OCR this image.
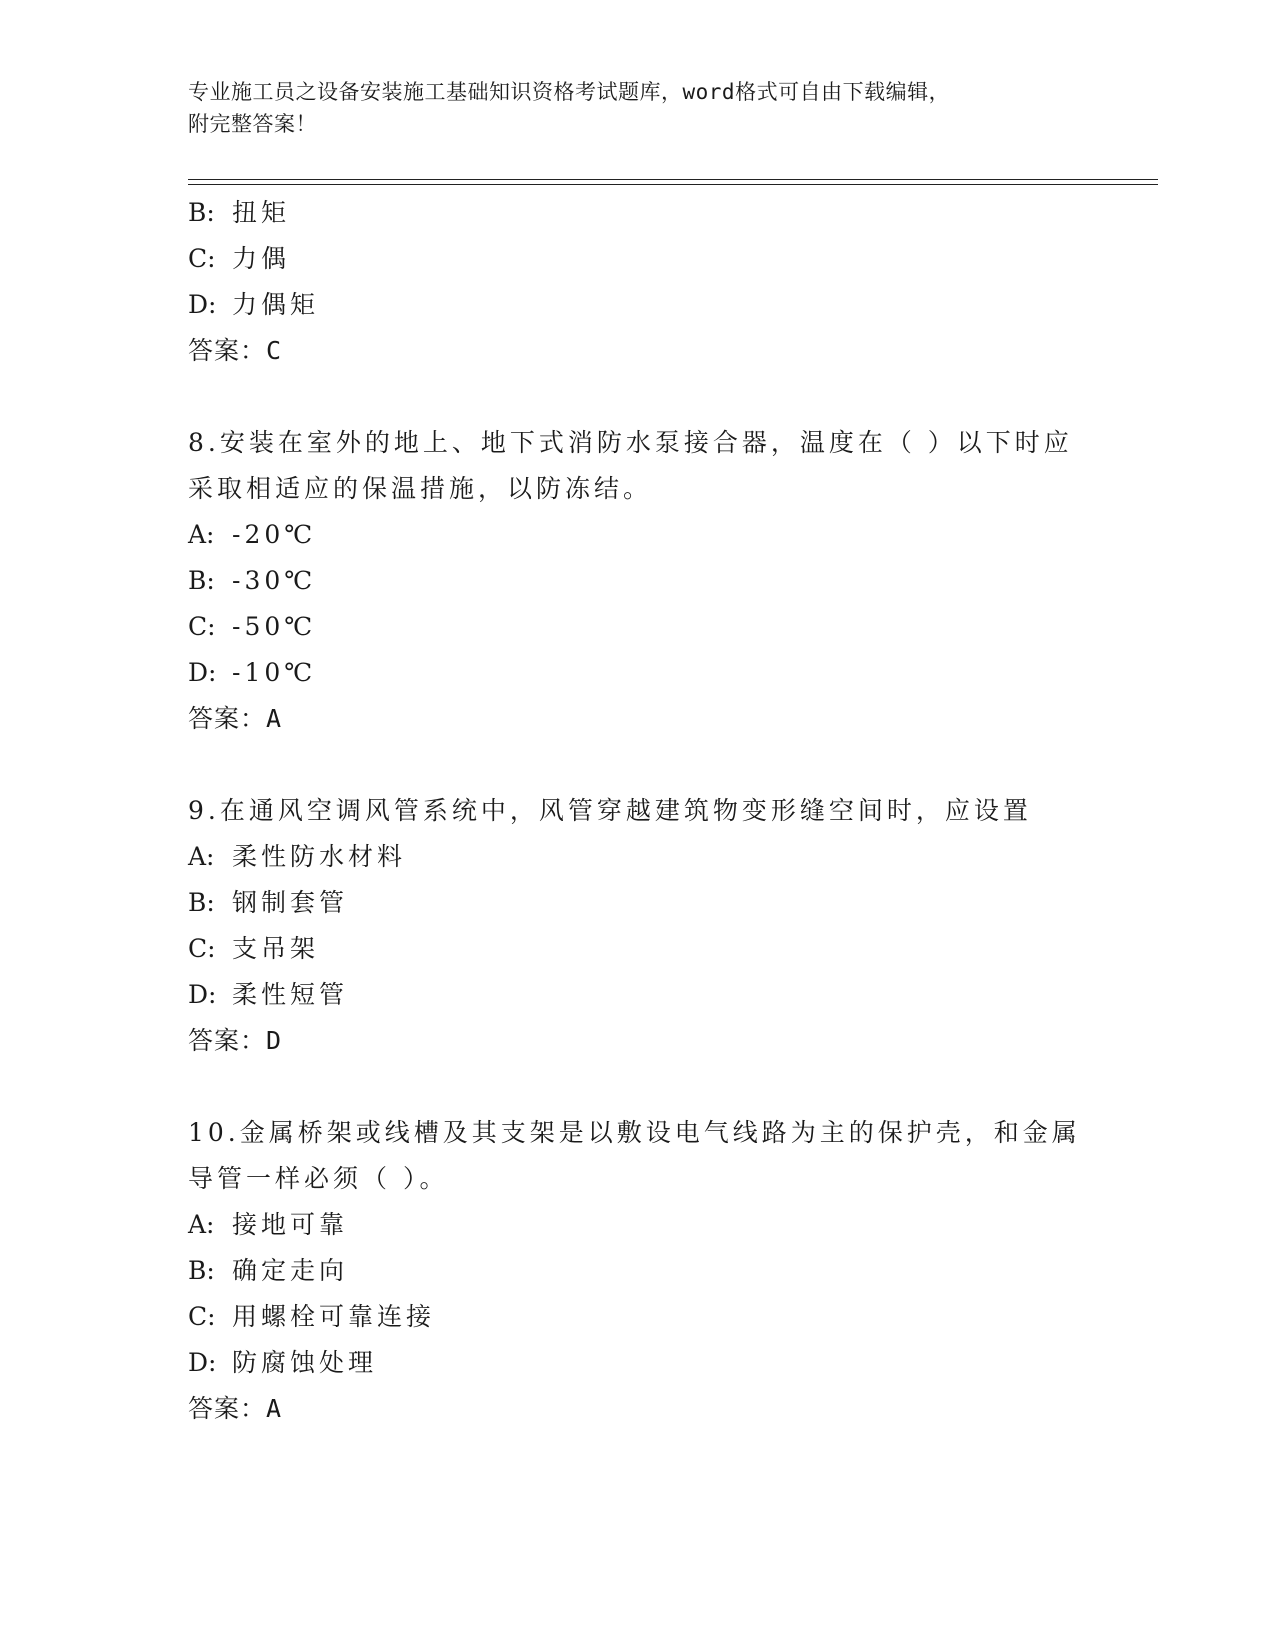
专业施工员之设备安装施工基础知识资格考试题库，word格式可自由下载编辑，
附完整答案！
B: 扭矩
C: 力偶
D: 力偶矩
答案：C
8.安装在室外的地上、地下式消防水泵接合器，温度在（ ）以下时应
采取相适应的保温措施，以防冻结。
A: -20℃
B: -30℃
C: -50℃
D: -10℃
答案：A
9.在通风空调风管系统中，风管穿越建筑物变形缝空间时，应设置
A: 柔性防水材料
B: 钢制套管
C: 支吊架
D: 柔性短管
答案：D
10.金属桥架或线槽及其支架是以敷设电气线路为主的保护壳，和金属
导管一样必须（ ）。
A: 接地可靠
B: 确定走向
C: 用螺栓可靠连接
D: 防腐蚀处理
答案：A
